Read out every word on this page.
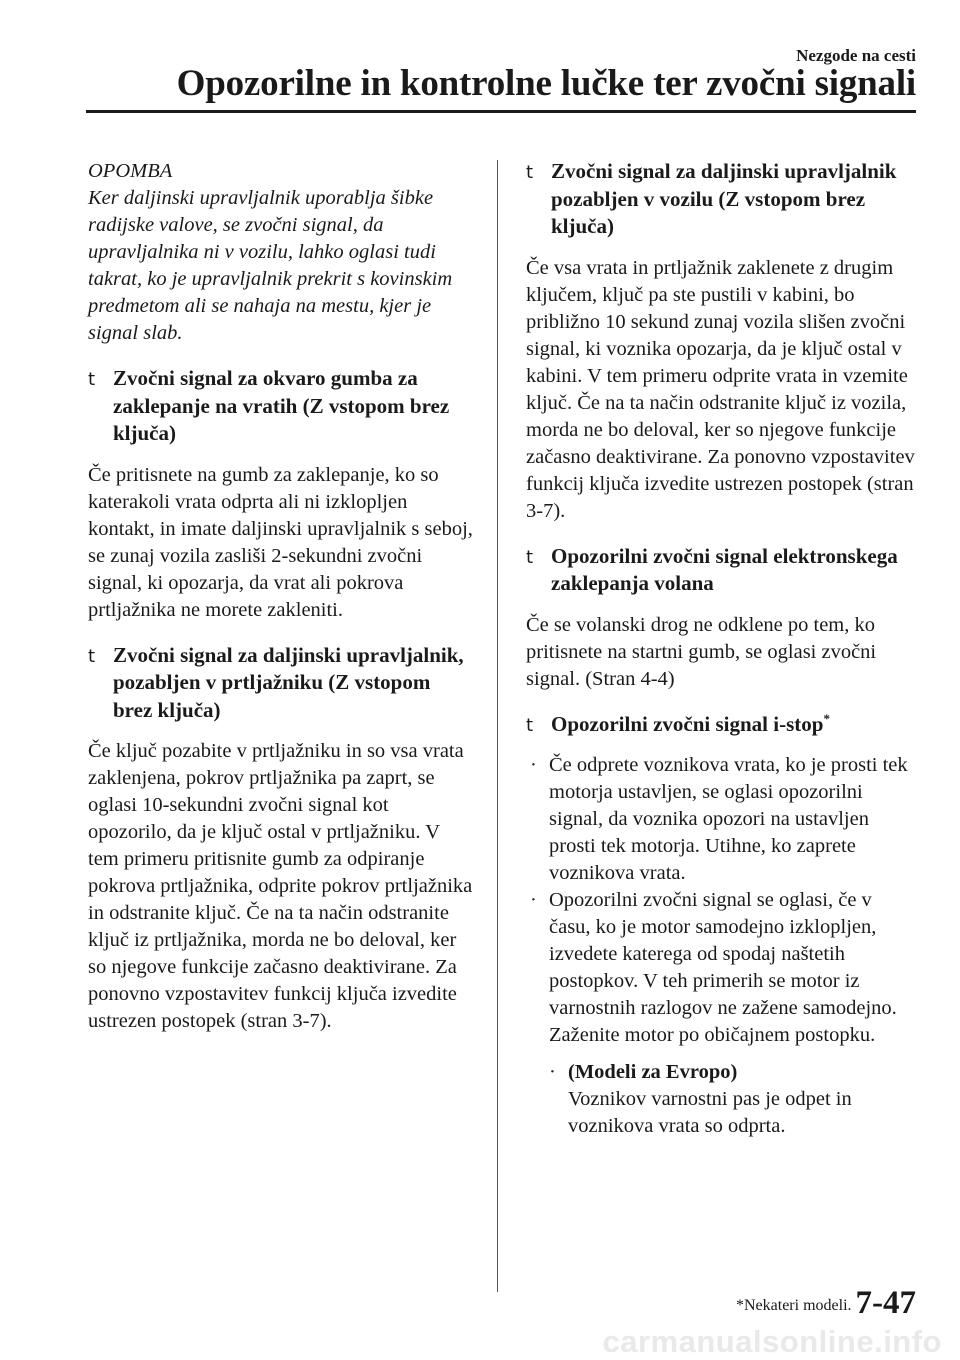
Nezgode na cesti
Opozorilne in kontrolne lučke ter zvočni signali
OPOMBA
Ker daljinski upravljalnik uporablja šibke radijske valove, se zvočni signal, da upravljalnika ni v vozilu, lahko oglasi tudi takrat, ko je upravljalnik prekrit s kovinskim predmetom ali se nahaja na mestu, kjer je signal slab.
t Zvočni signal za okvaro gumba za zaklepanje na vratih (Z vstopom brez ključa)

Če pritisnete na gumb za zaklepanje, ko so katerakoli vrata odprta ali ni izklopljen kontakt, in imate daljinski upravljalnik s seboj, se zunaj vozila zasliši 2-sekundni zvočni signal, ki opozarja, da vrat ali pokrova prtljažnika ne morete zakleniti.

t Zvočni signal za daljinski upravljalnik, pozabljen v prtljažniku (Z vstopom brez ključa)

Če ključ pozabite v prtljažniku in so vsa vrata zaklenjena, pokrov prtljažnika pa zaprt, se oglasi 10-sekundni zvočni signal kot opozorilo, da je ključ ostal v prtljažniku. V tem primeru pritisnite gumb za odpiranje pokrova prtljažnika, odprite pokrov prtljažnika in odstranite ključ. Če na ta način odstranite ključ iz prtljažnika, morda ne bo deloval, ker so njegove funkcije začasno deaktivirane. Za ponovno vzpostavitev funkcij ključa izvedite ustrezen postopek (stran 3-7).

t Zvočni signal za daljinski upravljalnik pozabljen v vozilu (Z vstopom brez ključa)

Če vsa vrata in prtljažnik zaklenete z drugim ključem, ključ pa ste pustili v kabini, bo približno 10 sekund zunaj vozila slišen zvočni signal, ki voznika opozarja, da je ključ ostal v kabini. V tem primeru odprite vrata in vzemite ključ. Če na ta način odstranite ključ iz vozila, morda ne bo deloval, ker so njegove funkcije začasno deaktivirane. Za ponovno vzpostavitev funkcij ključa izvedite ustrezen postopek (stran 3-7).

t Opozorilni zvočni signal elektronskega zaklepanja volana

Če se volanski drog ne odklene po tem, ko pritisnete na startni gumb, se oglasi zvočni signal. (Stran 4-4)

t Opozorilni zvočni signal i-stop*
· Če odprete voznikova vrata, ko je prosti tek motorja ustavljen, se oglasi opozorilni signal, da voznika opozori na ustavljen prosti tek motorja. Utihne, ko zaprete voznikova vrata.
· Opozorilni zvočni signal se oglasi, če v času, ko je motor samodejno izklopljen, izvedete katerega od spodaj naštetih postopkov. V teh primerih se motor iz varnostnih razlogov ne zažene samodejno. Zaženite motor po običajnem postopku.
· (Modeli za Evropo)
Voznikov varnostni pas je odpet in voznikova vrata so odprta.
*Nekateri modeli. 7-47
carmanualsonline.info
